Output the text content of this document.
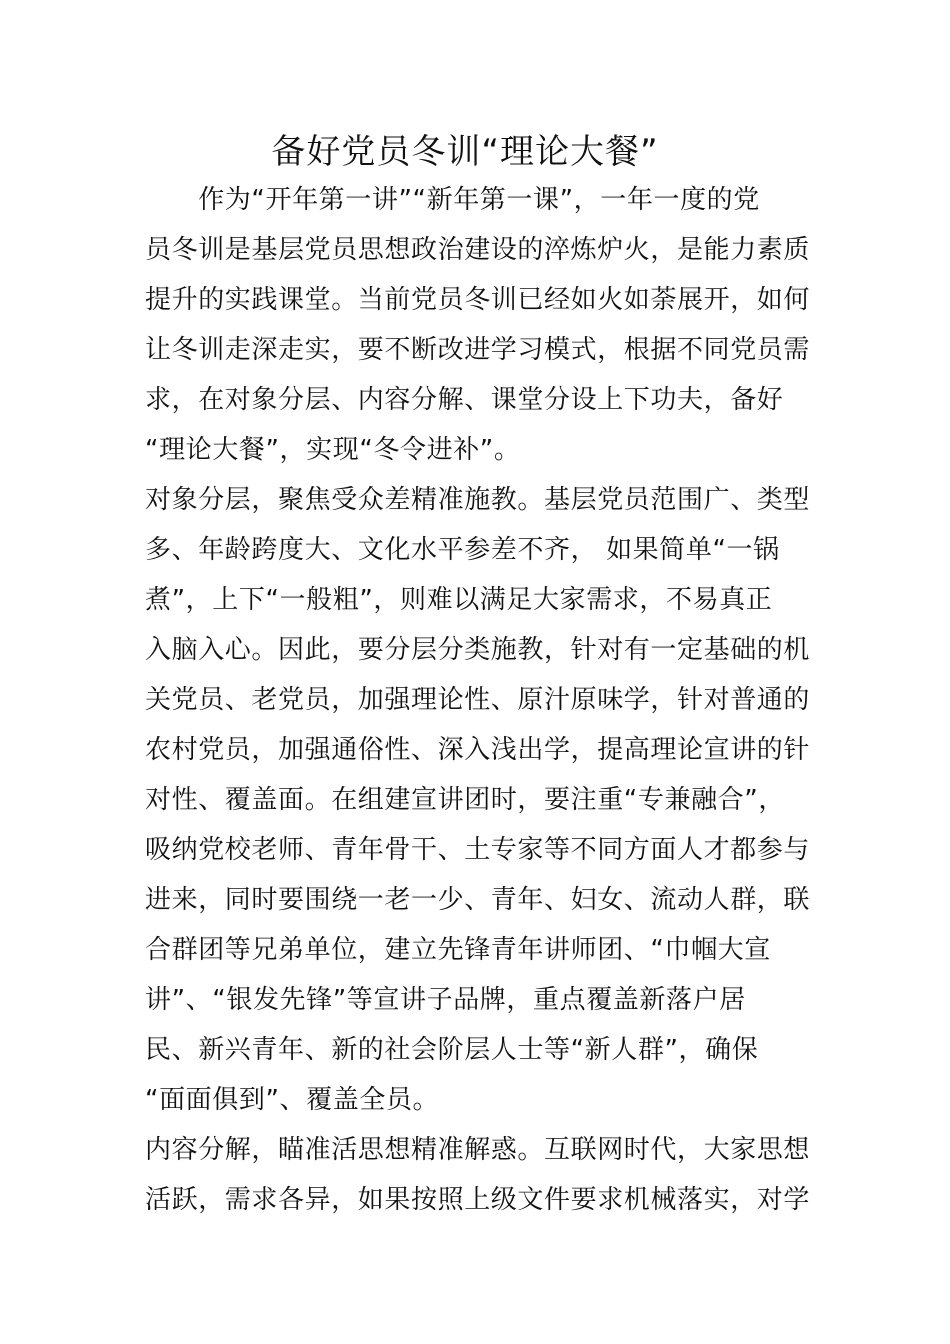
备好党员冬训“理论大餐”
　　作为“开年第一讲”“新年第一课”，一年一度的党
员冬训是基层党员思想政治建设的淬炼炉火，是能力素质
提升的实践课堂。当前党员冬训已经如火如荼展开，如何
让冬训走深走实，要不断改进学习模式，根据不同党员需
求，在对象分层、内容分解、课堂分设上下功夫，备好
“理论大餐”，实现“冬令进补”。
对象分层，聚焦受众差精准施教。基层党员范围广、类型
多、年龄跨度大、文化水平参差不齐， 如果简单“一锅
煮”，上下“一般粗”，则难以满足大家需求，不易真正
入脑入心。因此，要分层分类施教，针对有一定基础的机
关党员、老党员，加强理论性、原汁原味学，针对普通的
农村党员，加强通俗性、深入浅出学，提高理论宣讲的针
对性、覆盖面。在组建宣讲团时，要注重“专兼融合”，
吸纳党校老师、青年骨干、土专家等不同方面人才都参与
进来，同时要围绕一老一少、青年、妇女、流动人群，联
合群团等兄弟单位，建立先锋青年讲师团、“巾帼大宣
讲”、“银发先锋”等宣讲子品牌，重点覆盖新落户居
民、新兴青年、新的社会阶层人士等“新人群”，确保
“面面俱到”、覆盖全员。
内容分解，瞄准活思想精准解惑。互联网时代，大家思想
活跃，需求各异，如果按照上级文件要求机械落实，对学
